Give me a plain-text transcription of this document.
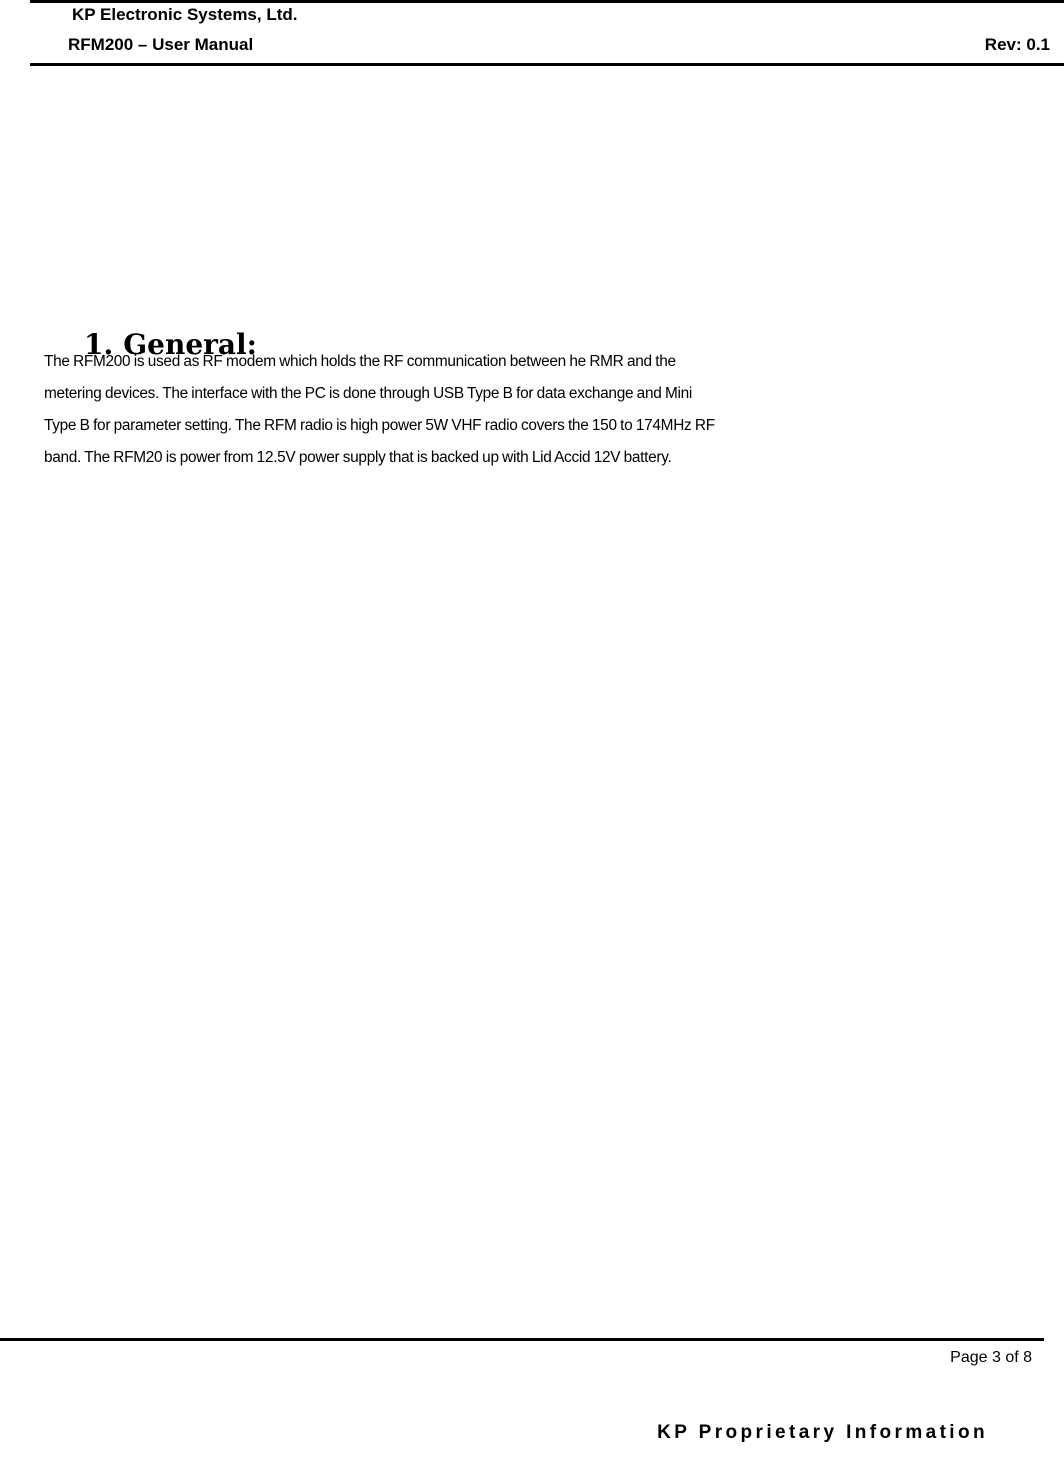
KP Electronic Systems, Ltd.
RFM200 – User Manual	Rev: 0.1
1. General:

The RFM200 is used as RF modem which holds the RF communication between he RMR and the
metering devices. The interface with the PC is done through USB Type B for data exchange and Mini
Type B for parameter setting. The RFM radio is high power 5W VHF radio covers the 150 to 174MHz RF
band. The RFM20 is power from 12.5V power supply that is backed up with Lid Accid 12V battery.

Page 3 of 8
KP Proprietary Information
